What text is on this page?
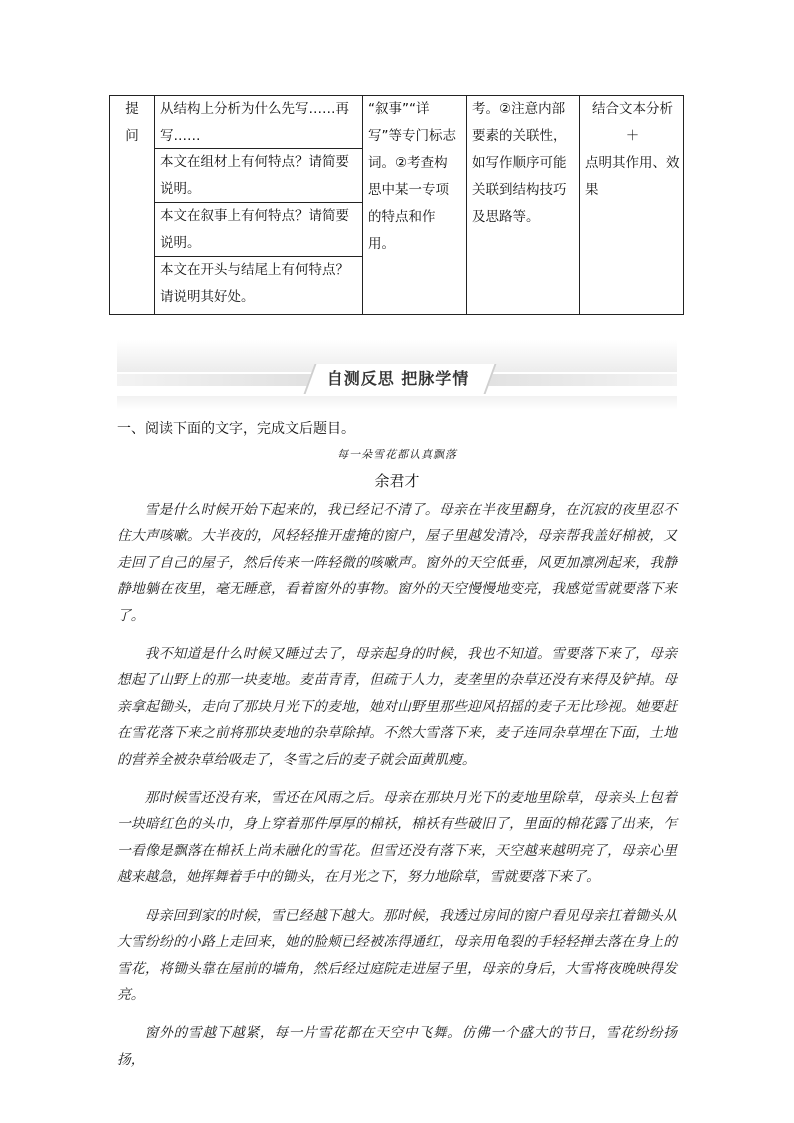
提问
从结构上分析为什么先写……再写……
本文在组材上有何特点？请简要说明。
本文在叙事上有何特点？请简要说明。
本文在开头与结尾上有何特点？请说明其好处。
“叙事”“详写”等专门标志词。②考查构思中某一专项的特点和作用。
考。②注意内部要素的关联性，如写作顺序可能关联到结构技巧及思路等。
结合文本分析
＋
点明其作用、效果
自测反思 把脉学情
一、阅读下面的文字，完成文后题目。
每一朵雪花都认真飘落
余君才

雪是什么时候开始下起来的，我已经记不清了。母亲在半夜里翻身，在沉寂的夜里忍不住大声咳嗽。大半夜的，风轻轻推开虚掩的窗户，屋子里越发清冷，母亲帮我盖好棉被，又走回了自己的屋子，然后传来一阵轻微的咳嗽声。窗外的天空低垂，风更加凛冽起来，我静静地躺在夜里，毫无睡意，看着窗外的事物。窗外的天空慢慢地变亮，我感觉雪就要落下来了。

我不知道是什么时候又睡过去了，母亲起身的时候，我也不知道。雪要落下来了，母亲想起了山野上的那一块麦地。麦苗青青，但疏于人力，麦垄里的杂草还没有来得及铲掉。母亲拿起锄头，走向了那块月光下的麦地，她对山野里那些迎风招摇的麦子无比珍视。她要赶在雪花落下来之前将那块麦地的杂草除掉。不然大雪落下来，麦子连同杂草埋在下面，土地的营养全被杂草给吸走了，冬雪之后的麦子就会面黄肌瘦。

那时候雪还没有来，雪还在风雨之后。母亲在那块月光下的麦地里除草，母亲头上包着一块暗红色的头巾，身上穿着那件厚厚的棉袄，棉袄有些破旧了，里面的棉花露了出来，乍一看像是飘落在棉袄上尚未融化的雪花。但雪还没有落下来，天空越来越明亮了，母亲心里越来越急，她挥舞着手中的锄头，在月光之下，努力地除草，雪就要落下来了。

母亲回到家的时候，雪已经越下越大。那时候，我透过房间的窗户看见母亲扛着锄头从大雪纷纷的小路上走回来，她的脸颊已经被冻得通红，母亲用龟裂的手轻轻掸去落在身上的雪花，将锄头靠在屋前的墙角，然后经过庭院走进屋子里，母亲的身后，大雪将夜晚映得发亮。

窗外的雪越下越紧，每一片雪花都在天空中飞舞。仿佛一个盛大的节日，雪花纷纷扬扬，
